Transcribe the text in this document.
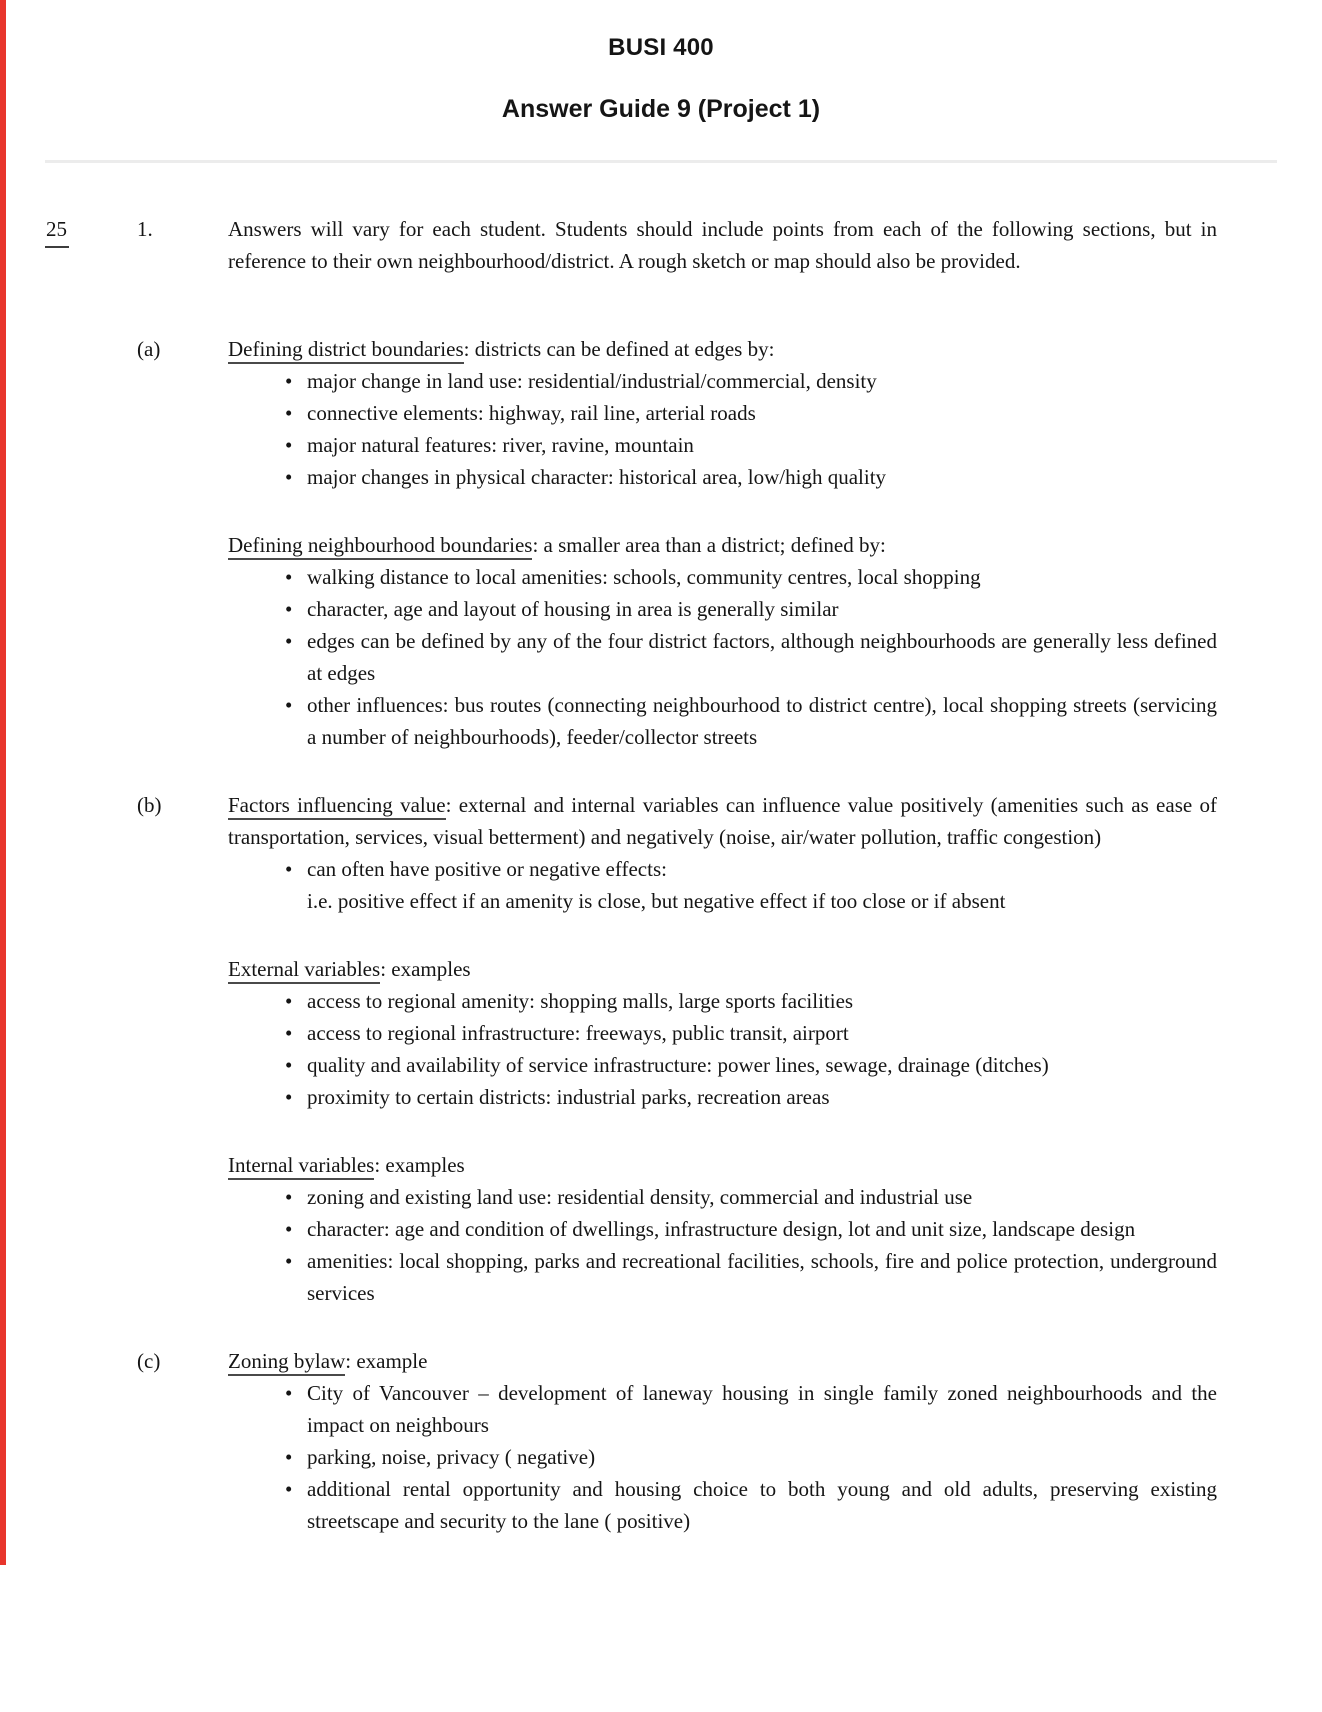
BUSI 400
Answer Guide 9 (Project 1)
25	1.	Answers will vary for each student. Students should include points from each of the following sections, but in reference to their own neighbourhood/district. A rough sketch or map should also be provided.

(a)	Defining district boundaries: districts can be defined at edges by:

• major change in land use: residential/industrial/commercial, density
• connective elements: highway, rail line, arterial roads
• major natural features: river, ravine, mountain
• major changes in physical character: historical area, low/high quality

Defining neighbourhood boundaries: a smaller area than a district; defined by:

• walking distance to local amenities: schools, community centres, local shopping
• character, age and layout of housing in area is generally similar
• edges can be defined by any of the four district factors, although neighbourhoods are generally less defined at edges
• other influences: bus routes (connecting neighbourhood to district centre), local shopping streets (servicing a number of neighbourhoods), feeder/collector streets
(b)	Factors influencing value: external and internal variables can influence value positively (amenities such as ease of transportation, services, visual betterment) and negatively (noise, air/water pollution, traffic congestion)

• can often have positive or negative effects:
i.e. positive effect if an amenity is close, but negative effect if too close or if absent

External variables: examples

• access to regional amenity: shopping malls, large sports facilities
• access to regional infrastructure: freeways, public transit, airport
• quality and availability of service infrastructure: power lines, sewage, drainage (ditches)
• proximity to certain districts: industrial parks, recreation areas

Internal variables: examples

• zoning and existing land use: residential density, commercial and industrial use
• character: age and condition of dwellings, infrastructure design, lot and unit size, landscape design
• amenities: local shopping, parks and recreational facilities, schools, fire and police protection, underground services
(c)	Zoning bylaw: example

• City of Vancouver – development of laneway housing in single family zoned neighbourhoods and the impact on neighbours
• parking, noise, privacy ( negative)
• additional rental opportunity and housing choice to both young and old adults, preserving existing streetscape and security to the lane ( positive)
